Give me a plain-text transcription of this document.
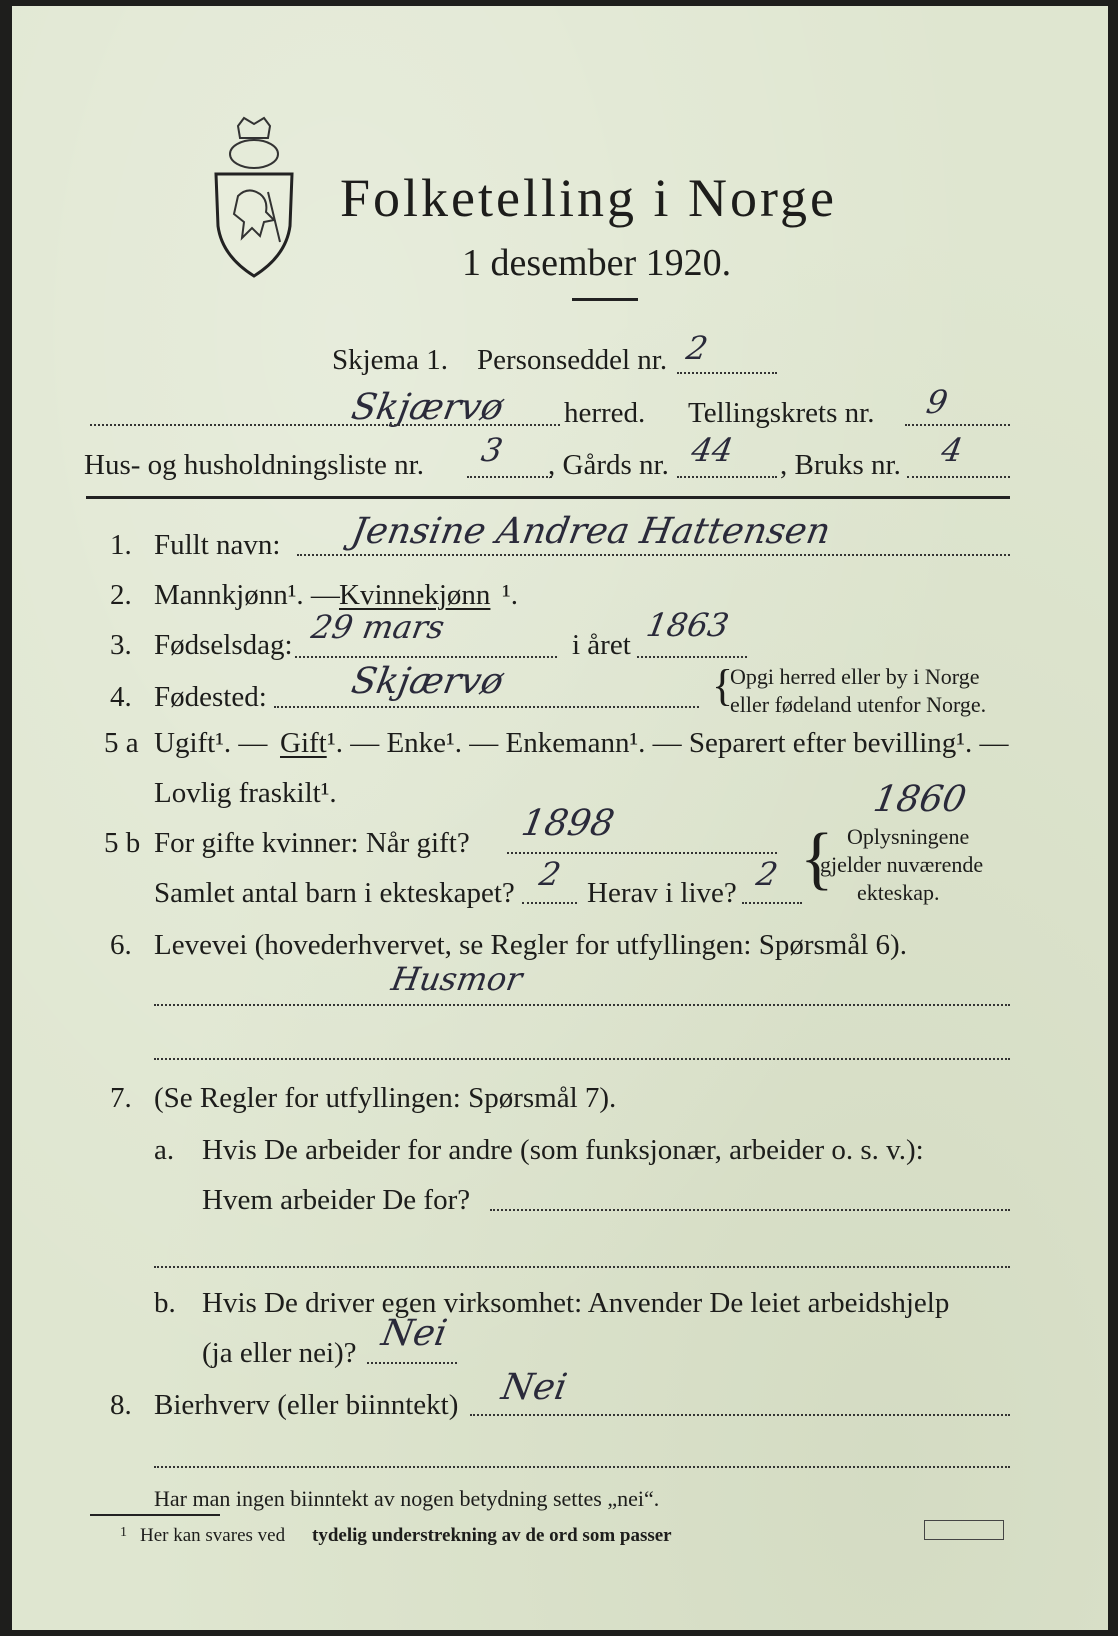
Folketelling i Norge
1 desember 1920.
Skjema 1. Personseddel nr. 2
Skjærvø herred. Tellingskrets nr. 9
Hus- og husholdningsliste nr. 3 , Gårds nr. 44 , Bruks nr. 4
1. Fullt navn: Jensine Andrea Hattensen
2. Mannkjønn¹. — Kvinnekjønn ¹.
3. Fødselsdag: 29 mars	i året
1863
4. Fødested: Skjærvø	{
Opgi herred eller by i Norge
eller fødeland utenfor Norge.
5 a Ugift¹. — Gift ¹. — Enke¹. — Enkemann¹. — Separert efter bevilling¹. —
Lovlig fraskilt¹.
5 b For gifte kvinner: Når gift? 1898
1860
{ Oplysningene
gjelder nuværende
ekteskap.
Samlet antal barn i ekteskapet? 2 Herav i live? 2
6. Levevei (hovederhvervet, se Regler for utfyllingen: Spørsmål 6).
Husmor
7. (Se Regler for utfyllingen: Spørsmål 7).
a. Hvis De arbeider for andre (som funksjonær, arbeider o. s. v.):
Hvem arbeider De for?
b. Hvis De driver egen virksomhet: Anvender De leiet arbeidshjelp
(ja eller nei)? Nei
8. Bierhverv (eller biinntekt) Nei
Har man ingen biinntekt av nogen betydning settes „nei“.
1 Her kan svares ved tydelig understrekning av de ord som passer
